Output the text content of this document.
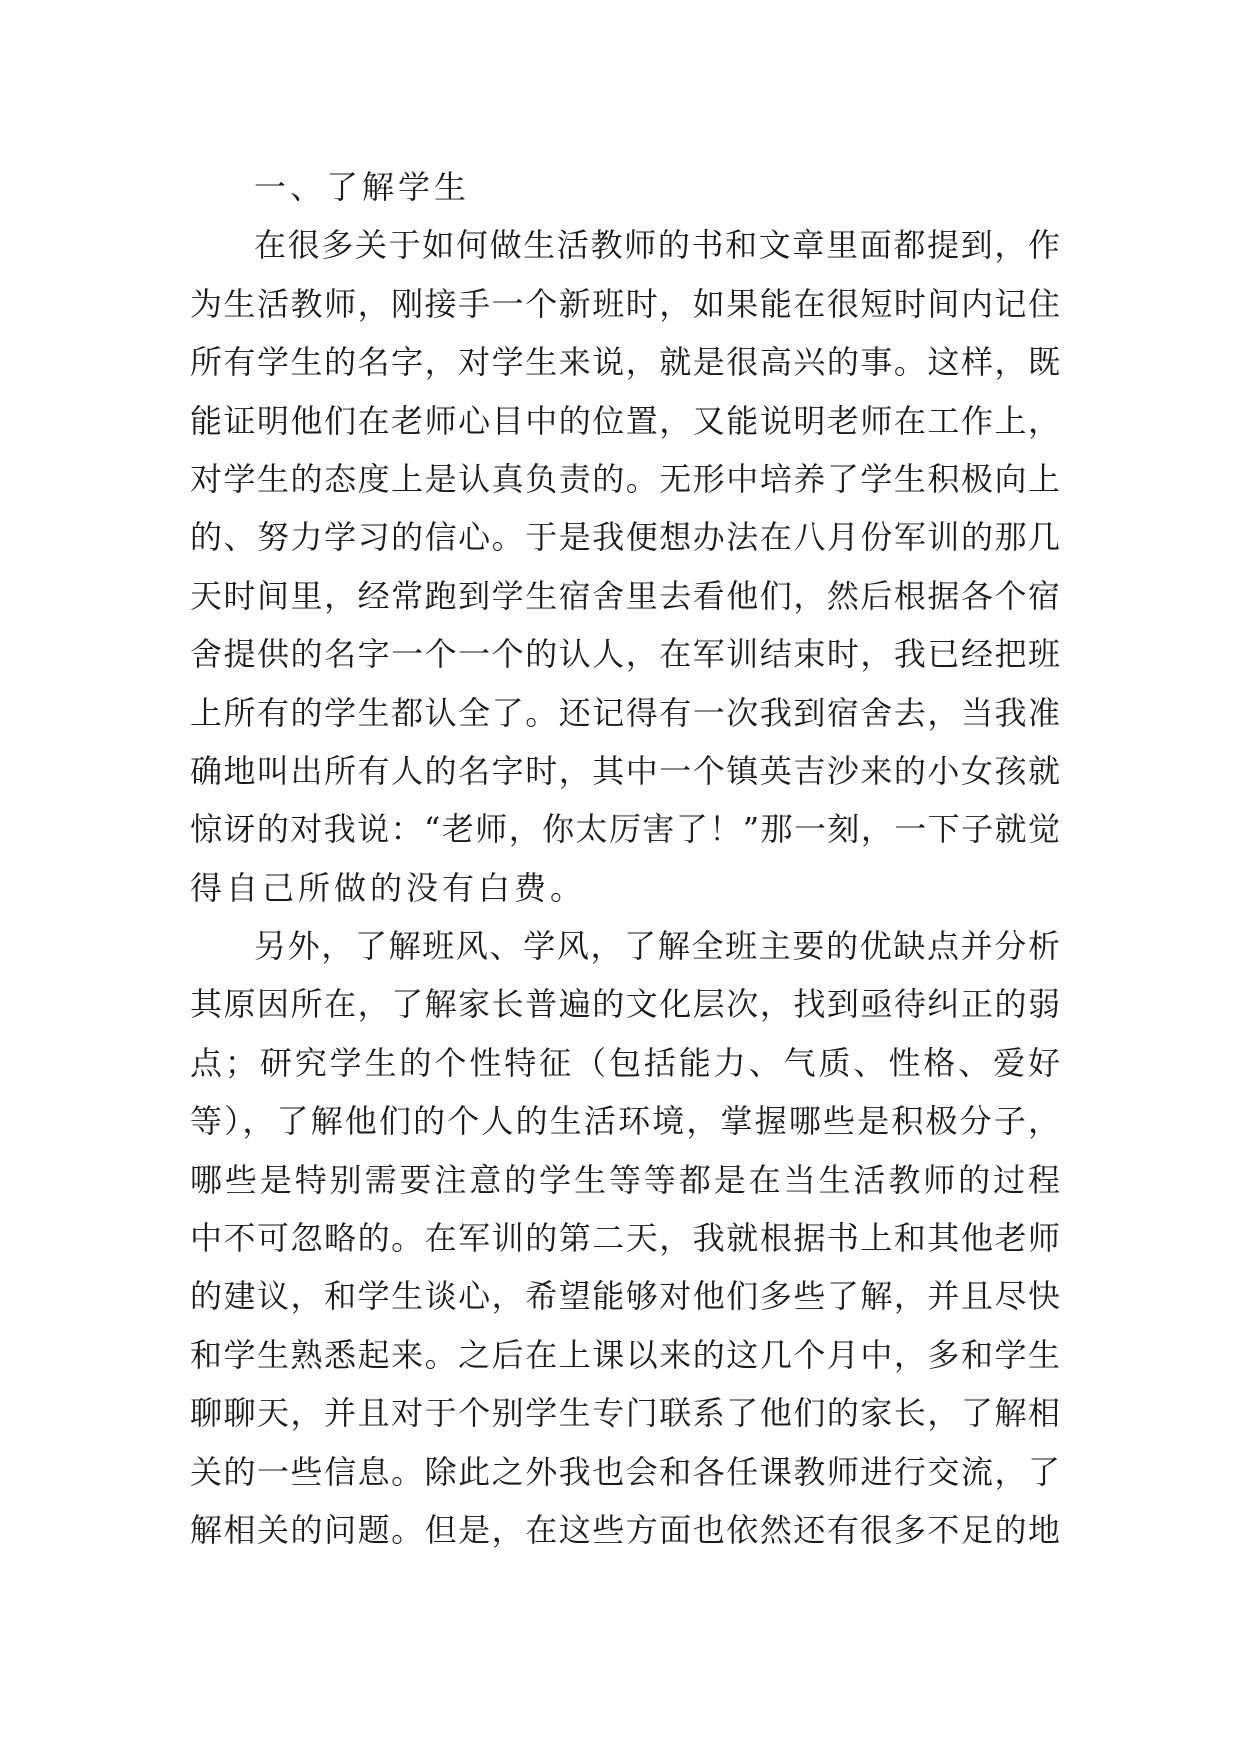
一、了解学生
在很多关于如何做生活教师的书和文章里面都提到，作
为生活教师，刚接手一个新班时，如果能在很短时间内记住
所有学生的名字，对学生来说，就是很高兴的事。这样，既
能证明他们在老师心目中的位置，又能说明老师在工作上，
对学生的态度上是认真负责的。无形中培养了学生积极向上
的、努力学习的信心。于是我便想办法在八月份军训的那几
天时间里，经常跑到学生宿舍里去看他们，然后根据各个宿
舍提供的名字一个一个的认人，在军训结束时，我已经把班
上所有的学生都认全了。还记得有一次我到宿舍去，当我准
确地叫出所有人的名字时，其中一个镇英吉沙来的小女孩就
惊讶的对我说：“老师，你太厉害了！”那一刻，一下子就觉
得自己所做的没有白费。
另外，了解班风、学风，了解全班主要的优缺点并分析
其原因所在，了解家长普遍的文化层次，找到亟待纠正的弱
点；研究学生的个性特征（包括能力、气质、性格、爱好
等），了解他们的个人的生活环境，掌握哪些是积极分子，
哪些是特别需要注意的学生等等都是在当生活教师的过程
中不可忽略的。在军训的第二天，我就根据书上和其他老师
的建议，和学生谈心，希望能够对他们多些了解，并且尽快
和学生熟悉起来。之后在上课以来的这几个月中，多和学生
聊聊天，并且对于个别学生专门联系了他们的家长，了解相
关的一些信息。除此之外我也会和各任课教师进行交流，了
解相关的问题。但是，在这些方面也依然还有很多不足的地
